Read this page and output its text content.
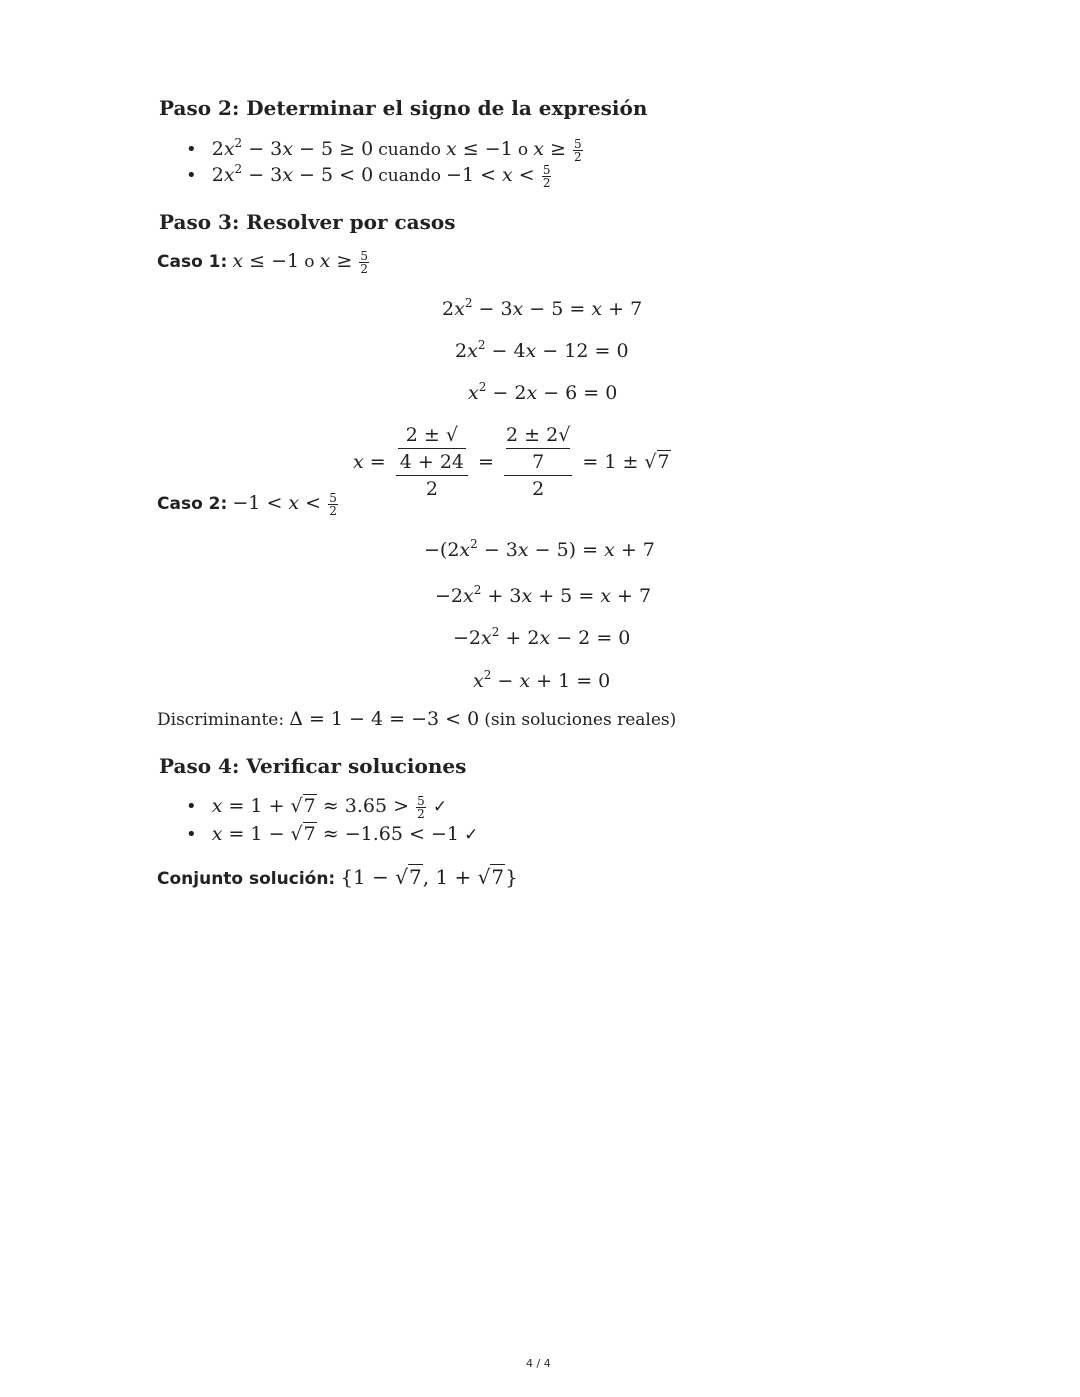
Paso 2: Determinar el signo de la expresión
• $2x^2 - 3x - 5 \ge 0$ cuando x ≤ −1 o $x \ge \frac{5}{2}$
• $2x^2 - 3x - 5 < 0$ cuando $-1 < x < \frac{5}{2}$
Paso 3: Resolver por casos
Caso 1: x ≤ −1 o $x \ge \frac{5}{2}$
$2x^2 - 3x - 5 = x + 7$
$2x^2 - 4x - 12 = 0$
$x^2 - 2x - 6 = 0$
x = 2 ± √
4 + 24
2 = 2 ± 2√
7
2 = 1 ± √7
Caso 2: $-1 < x < \frac{5}{2}$
$-(2x^2 - 3x - 5) = x + 7$
$-2x^2 + 3x + 5 = x + 7$
$-2x^2 + 2x - 2 = 0$
$x^2 - x + 1 = 0$
Discriminante: Δ = 1 − 4 = −3 < 0 (sin soluciones reales)
Paso 4: Verificar soluciones
• $x = 1 + √7 \approx 3.65 > \frac{5}{2}$ ✓
• x = 1 − √7 ≈ −1.65 < −1 ✓
Conjunto solución: {1 − √7, 1 + √7}
4 / 4
